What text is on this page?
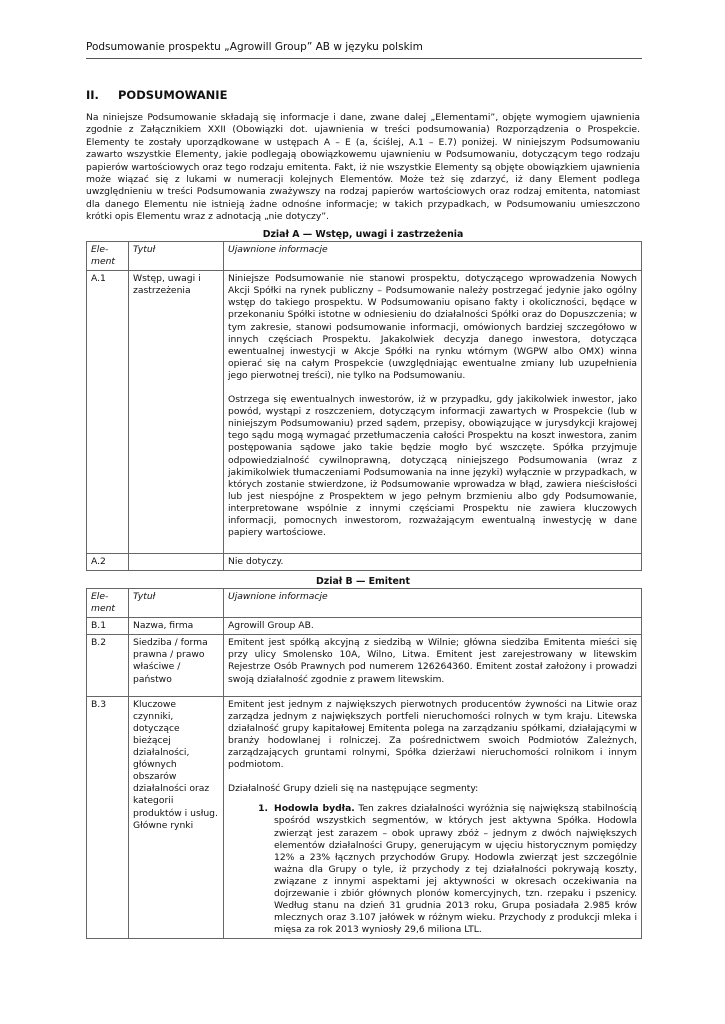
Podsumowanie prospektu „Agrowill Group” AB w języku polskim
II. PODSUMOWANIE

Na niniejsze Podsumowanie składają się informacje i dane, zwane dalej „Elementami”, objęte wymogiem ujawnienia zgodnie z Załącznikiem XXII (Obowiązki dot. ujawnienia w treści podsumowania) Rozporządzenia o Prospekcie. Elementy te zostały uporządkowane w ustępach A – E (a, ściślej, A.1 – E.7) poniżej. W niniejszym Podsumowaniu zawarto wszystkie Elementy, jakie podlegają obowiązkowemu ujawnieniu w Podsumowaniu, dotyczącym tego rodzaju papierów wartościowych oraz tego rodzaju emitenta. Fakt, iż nie wszystkie Elementy są objęte obowiązkiem ujawnienia może wiązać się z lukami w numeracji kolejnych Elementów. Może też się zdarzyć, iż dany Element podlega uwzględnieniu w treści Podsumowania zważywszy na rodzaj papierów wartościowych oraz rodzaj emitenta, natomiast dla danego Elementu nie istnieją żadne odnośne informacje; w takich przypadkach, w Podsumowaniu umieszczono krótki opis Elementu wraz z adnotacją „nie dotyczy”.

Dział A — Wstęp, uwagi i zastrzeżenia
Ele- ment	Tytuł	Ujawnione informacje
A.1	Wstęp, uwagi i zastrzeżenia	Niniejsze Podsumowanie nie stanowi prospektu, dotyczącego wprowadzenia Nowych Akcji Spółki na rynek publiczny – Podsumowanie należy postrzegać jedynie jako ogólny wstęp do takiego prospektu. W Podsumowaniu opisano fakty i okoliczności, będące w przekonaniu Spółki istotne w odniesieniu do działalności Spółki oraz do Dopuszczenia; w tym zakresie, stanowi podsumowanie informacji, omówionych bardziej szczegółowo w innych częściach Prospektu. Jakakolwiek decyzja danego inwestora, dotycząca ewentualnej inwestycji w Akcje Spółki na rynku wtórnym (WGPW albo OMX) winna opierać się na całym Prospekcie (uwzględniając ewentualne zmiany lub uzupełnienia jego pierwotnej treści), nie tylko na Podsumowaniu.

Ostrzega się ewentualnych inwestorów, iż w przypadku, gdy jakikolwiek inwestor, jako powód, wystąpi z roszczeniem, dotyczącym informacji zawartych w Prospekcie (lub w niniejszym Podsumowaniu) przed sądem, przepisy, obowiązujące w jurysdykcji krajowej tego sądu mogą wymagać przetłumaczenia całości Prospektu na koszt inwestora, zanim postępowania sądowe jako takie będzie mogło być wszczęte. Spółka przyjmuje odpowiedzialność cywilnoprawną, dotyczącą niniejszego Podsumowania (wraz z jakimikolwiek tłumaczeniami Podsumowania na inne języki) wyłącznie w przypadkach, w których zostanie stwierdzone, iż Podsumowanie wprowadza w błąd, zawiera nieścisłości lub jest niespójne z Prospektem w jego pełnym brzmieniu albo gdy Podsumowanie, interpretowane wspólnie z innymi częściami Prospektu nie zawiera kluczowych informacji, pomocnych inwestorom, rozważającym ewentualną inwestycję w dane papiery wartościowe.

A.2		Nie dotyczy.
Dział B — Emitent
Ele- ment	Tytuł	Ujawnione informacje
B.1	Nazwa, firma	Agrowill Group AB.
B.2	Siedziba / forma prawna / prawo właściwe / państwo	Emitent jest spółką akcyjną z siedzibą w Wilnie; główna siedziba Emitenta mieści się przy ulicy Smolensko 10A, Wilno, Litwa. Emitent jest zarejestrowany w litewskim Rejestrze Osób Prawnych pod numerem 126264360. Emitent został założony i prowadzi swoją działalność zgodnie z prawem litewskim.
B.3	Kluczowe czynniki, dotyczące bieżącej działalności, głównych obszarów działalności oraz kategorii produktów i usług. Główne rynki	Emitent jest jednym z największych pierwotnych producentów żywności na Litwie oraz zarządza jednym z największych portfeli nieruchomości rolnych w tym kraju. Litewska działalność grupy kapitałowej Emitenta polega na zarządzaniu spółkami, działającymi w branży hodowlanej i rolniczej. Za pośrednictwem swoich Podmiotów Zależnych, zarządzających gruntami rolnymi, Spółka dzierżawi nieruchomości rolnikom i innym podmiotom.

Działalność Grupy dzieli się na następujące segmenty:

1. Hodowla bydła. Ten zakres działalności wyróżnia się największą stabilnością spośród wszystkich segmentów, w których jest aktywna Spółka. Hodowla zwierząt jest zarazem – obok uprawy zbóż – jednym z dwóch największych elementów działalności Grupy, generującym w ujęciu historycznym pomiędzy 12% a 23% łącznych przychodów Grupy. Hodowla zwierząt jest szczególnie ważna dla Grupy o tyle, iż przychody z tej działalności pokrywają koszty, związane z innymi aspektami jej aktywności w okresach oczekiwania na dojrzewanie i zbiór głównych plonów komercyjnych, tzn. rzepaku i pszenicy. Według stanu na dzień 31 grudnia 2013 roku, Grupa posiadała 2.985 krów mlecznych oraz 3.107 jałówek w różnym wieku. Przychody z produkcji mleka i mięsa za rok 2013 wyniosły 29,6 miliona LTL.
